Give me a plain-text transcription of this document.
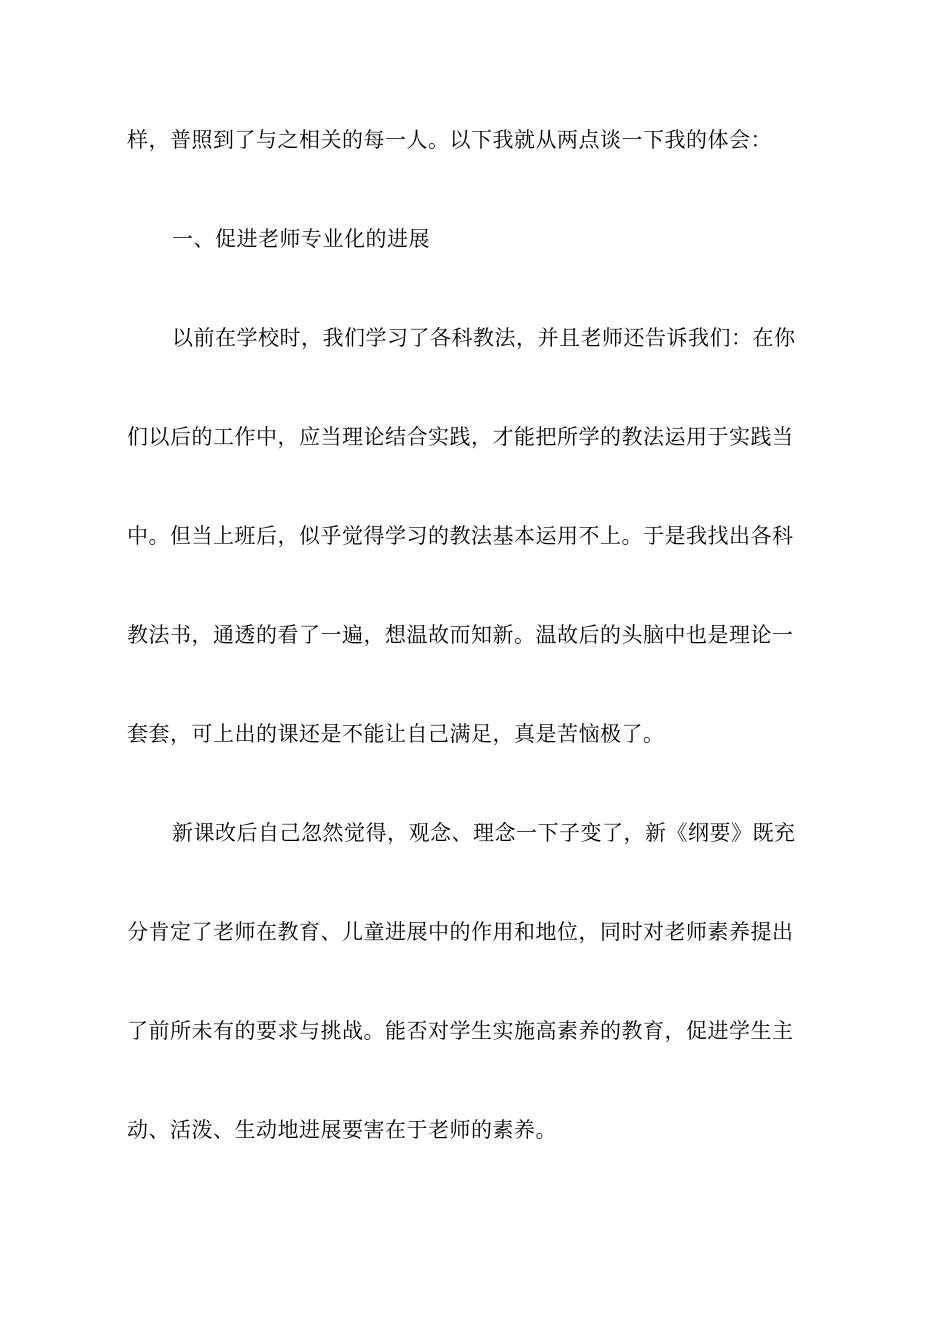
样，普照到了与之相关的每一人。以下我就从两点谈一下我的体会：
一、促进老师专业化的进展
以前在学校时，我们学习了各科教法，并且老师还告诉我们：在你
们以后的工作中，应当理论结合实践，才能把所学的教法运用于实践当
中。但当上班后，似乎觉得学习的教法基本运用不上。于是我找出各科
教法书，通透的看了一遍，想温故而知新。温故后的头脑中也是理论一
套套，可上出的课还是不能让自己满足，真是苦恼极了。
新课改后自己忽然觉得，观念、理念一下子变了，新《纲要》既充
分肯定了老师在教育、儿童进展中的作用和地位，同时对老师素养提出
了前所未有的要求与挑战。能否对学生实施高素养的教育，促进学生主
动、活泼、生动地进展要害在于老师的素养。
